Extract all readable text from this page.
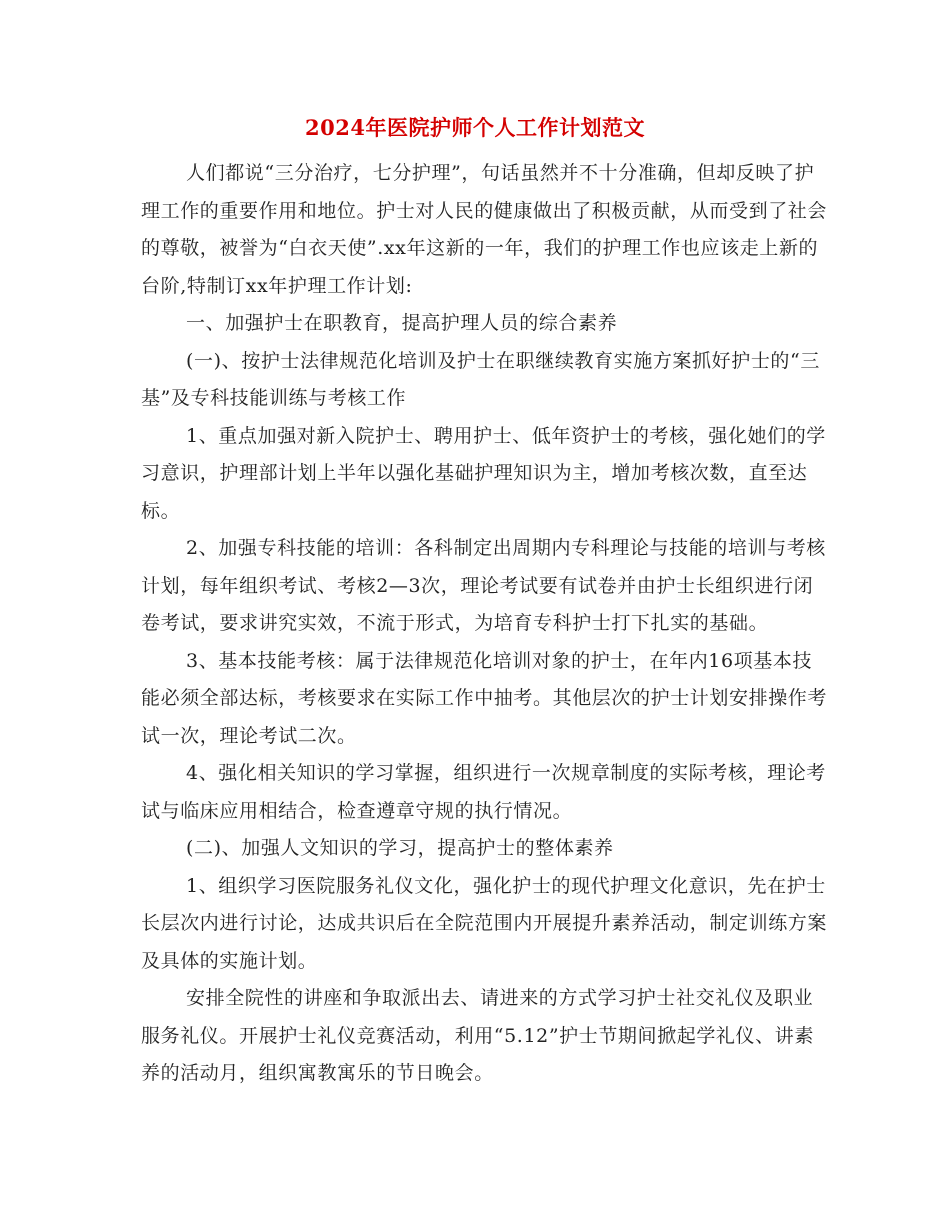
2024年医院护师个人工作计划范文

人们都说“三分治疗，七分护理”，句话虽然并不十分准确，但却反映了护理工作的重要作用和地位。护士对人民的健康做出了积极贡献，从而受到了社会的尊敬，被誉为“白衣天使”.xx年这新的一年，我们的护理工作也应该走上新的台阶,特制订xx年护理工作计划:

一、加强护士在职教育，提高护理人员的综合素养

(一)、按护士法律规范化培训及护士在职继续教育实施方案抓好护士的“三基”及专科技能训练与考核工作

1、重点加强对新入院护士、聘用护士、低年资护士的考核，强化她们的学习意识，护理部计划上半年以强化基础护理知识为主，增加考核次数，直至达标。

2、加强专科技能的培训：各科制定出周期内专科理论与技能的培训与考核计划，每年组织考试、考核2—3次，理论考试要有试卷并由护士长组织进行闭卷考试，要求讲究实效，不流于形式，为培育专科护士打下扎实的基础。

3、基本技能考核：属于法律规范化培训对象的护士，在年内16项基本技能必须全部达标，考核要求在实际工作中抽考。其他层次的护士计划安排操作考试一次，理论考试二次。

4、强化相关知识的学习掌握，组织进行一次规章制度的实际考核，理论考试与临床应用相结合，检查遵章守规的执行情况。

(二)、加强人文知识的学习，提高护士的整体素养

1、组织学习医院服务礼仪文化，强化护士的现代护理文化意识，先在护士长层次内进行讨论，达成共识后在全院范围内开展提升素养活动，制定训练方案及具体的实施计划。

安排全院性的讲座和争取派出去、请进来的方式学习护士社交礼仪及职业服务礼仪。开展护士礼仪竞赛活动，利用“5.12”护士节期间掀起学礼仪、讲素养的活动月，组织寓教寓乐的节日晚会。
